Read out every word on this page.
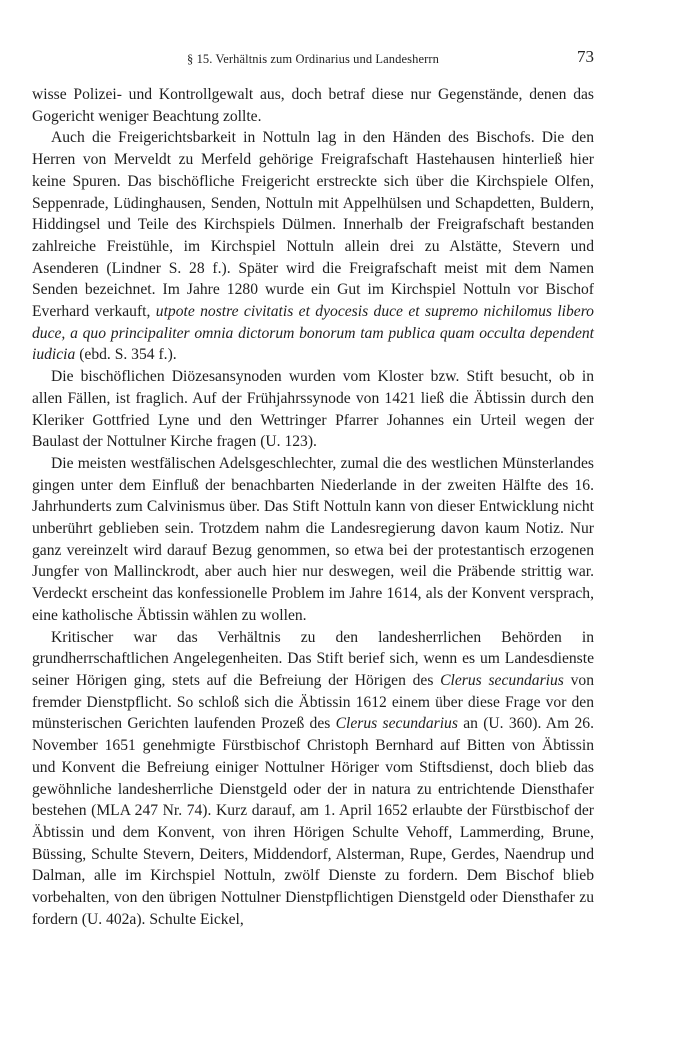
§ 15. Verhältnis zum Ordinarius und Landesherrn	73

wisse Polizei- und Kontrollgewalt aus, doch betraf diese nur Gegenstände, denen das Gogericht weniger Beachtung zollte.

Auch die Freigerichtsbarkeit in Nottuln lag in den Händen des Bischofs. Die den Herren von Merveldt zu Merfeld gehörige Freigrafschaft Hastehausen hinterließ hier keine Spuren. Das bischöfliche Freigericht erstreckte sich über die Kirchspiele Olfen, Seppenrade, Lüdinghausen, Senden, Nottuln mit Appelhülsen und Schapdetten, Buldern, Hiddingsel und Teile des Kirchspiels Dülmen. Innerhalb der Freigrafschaft bestanden zahlreiche Freistühle, im Kirchspiel Nottuln allein drei zu Alstätte, Stevern und Asenderen (Lindner S. 28 f.). Später wird die Freigrafschaft meist mit dem Namen Senden bezeichnet. Im Jahre 1280 wurde ein Gut im Kirchspiel Nottuln vor Bischof Everhard verkauft, utpote nostre civitatis et dyocesis duce et supremo nichilomus libero duce, a quo principaliter omnia dictorum bonorum tam publica quam occulta dependent iudicia (ebd. S. 354 f.).

Die bischöflichen Diözesansynoden wurden vom Kloster bzw. Stift besucht, ob in allen Fällen, ist fraglich. Auf der Frühjahrssynode von 1421 ließ die Äbtissin durch den Kleriker Gottfried Lyne und den Wettringer Pfarrer Johannes ein Urteil wegen der Baulast der Nottulner Kirche fragen (U. 123).

Die meisten westfälischen Adelsgeschlechter, zumal die des westlichen Münsterlandes gingen unter dem Einfluß der benachbarten Niederlande in der zweiten Hälfte des 16. Jahrhunderts zum Calvinismus über. Das Stift Nottuln kann von dieser Entwicklung nicht unberührt geblieben sein. Trotzdem nahm die Landesregierung davon kaum Notiz. Nur ganz vereinzelt wird darauf Bezug genommen, so etwa bei der protestantisch erzogenen Jungfer von Mallinckrodt, aber auch hier nur deswegen, weil die Präbende strittig war. Verdeckt erscheint das konfessionelle Problem im Jahre 1614, als der Konvent versprach, eine katholische Äbtissin wählen zu wollen.

Kritischer war das Verhältnis zu den landesherrlichen Behörden in grundherrschaftlichen Angelegenheiten. Das Stift berief sich, wenn es um Landesdienste seiner Hörigen ging, stets auf die Befreiung der Hörigen des Clerus secundarius von fremder Dienstpflicht. So schloß sich die Äbtissin 1612 einem über diese Frage vor den münsterischen Gerichten laufenden Prozeß des Clerus secundarius an (U. 360). Am 26. November 1651 genehmigte Fürstbischof Christoph Bernhard auf Bitten von Äbtissin und Konvent die Befreiung einiger Nottulner Höriger vom Stiftsdienst, doch blieb das gewöhnliche landesherrliche Dienstgeld oder der in natura zu entrichtende Diensthafer bestehen (MLA 247 Nr. 74). Kurz darauf, am 1. April 1652 erlaubte der Fürstbischof der Äbtissin und dem Konvent, von ihren Hörigen Schulte Vehoff, Lammerding, Brune, Büssing, Schulte Stevern, Deiters, Middendorf, Alsterman, Rupe, Gerdes, Naendrup und Dalman, alle im Kirchspiel Nottuln, zwölf Dienste zu fordern. Dem Bischof blieb vorbehalten, von den übrigen Nottulner Dienstpflichtigen Dienstgeld oder Diensthafer zu fordern (U. 402a). Schulte Eickel,
